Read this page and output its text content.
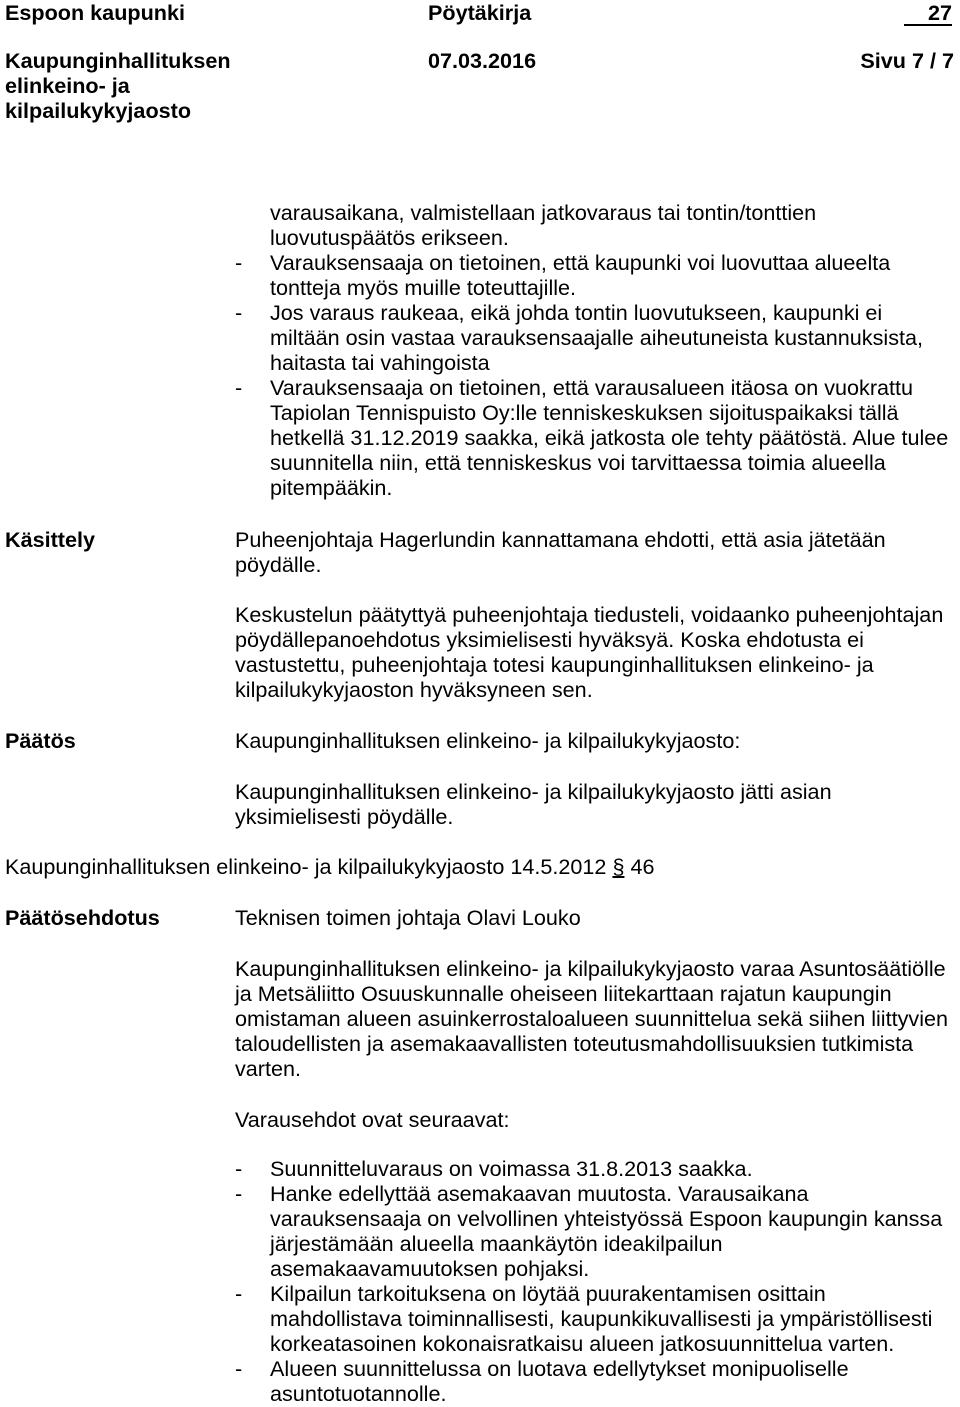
Espoon kaupunki	Pöytäkirja	27
Kaupunginhallituksen
elinkeino- ja
kilpailukykyjaosto
07.03.2016	Sivu 7 / 7
varausaikana, valmistellaan jatkovaraus tai tontin/tonttien
luovutuspäätös erikseen.
- Varauksensaaja on tietoinen, että kaupunki voi luovuttaa alueelta
tontteja myös muille toteuttajille.
- Jos varaus raukeaa, eikä johda tontin luovutukseen, kaupunki ei
miltään osin vastaa varauksensaajalle aiheutuneista kustannuksista,
haitasta tai vahingoista
- Varauksensaaja on tietoinen, että varausalueen itäosa on vuokrattu
Tapiolan Tennispuisto Oy:lle tenniskeskuksen sijoituspaikaksi tällä
hetkellä 31.12.2019 saakka, eikä jatkosta ole tehty päätöstä. Alue tulee
suunnitella niin, että tenniskeskus voi tarvittaessa toimia alueella
pitempääkin.
Käsittely	Puheenjohtaja Hagerlundin kannattamana ehdotti, että asia jätetään
pöydälle.
Keskustelun päätyttyä puheenjohtaja tiedusteli, voidaanko puheenjohtajan
pöydällepanoehdotus yksimielisesti hyväksyä. Koska ehdotusta ei
vastustettu, puheenjohtaja totesi kaupunginhallituksen elinkeino- ja
kilpailukykyjaoston hyväksyneen sen.
Päätös	Kaupunginhallituksen elinkeino- ja kilpailukykyjaosto:
Kaupunginhallituksen elinkeino- ja kilpailukykyjaosto jätti asian
yksimielisesti pöydälle.
Kaupunginhallituksen elinkeino- ja kilpailukykyjaosto 14.5.2012 § 46
Päätösehdotus	Teknisen toimen johtaja Olavi Louko
Kaupunginhallituksen elinkeino- ja kilpailukykyjaosto varaa Asuntosäätiölle
ja Metsäliitto Osuuskunnalle oheiseen liitekarttaan rajatun kaupungin
omistaman alueen asuinkerrostaloalueen suunnittelua sekä siihen liittyvien
taloudellisten ja asemakaavallisten toteutusmahdollisuuksien tutkimista
varten.
Varausehdot ovat seuraavat:
- Suunnitteluvaraus on voimassa 31.8.2013 saakka.
- Hanke edellyttää asemakaavan muutosta. Varausaikana
varauksensaaja on velvollinen yhteistyössä Espoon kaupungin kanssa
järjestämään alueella maankäytön ideakilpailun
asemakaavamuutoksen pohjaksi.
- Kilpailun tarkoituksena on löytää puurakentamisen osittain
mahdollistava toiminnallisesti, kaupunkikuvallisesti ja ympäristöllisesti
korkeatasoinen kokonaisratkaisu alueen jatkosuunnittelua varten.
- Alueen suunnittelussa on luotava edellytykset monipuoliselle
asuntotuotannolle.
